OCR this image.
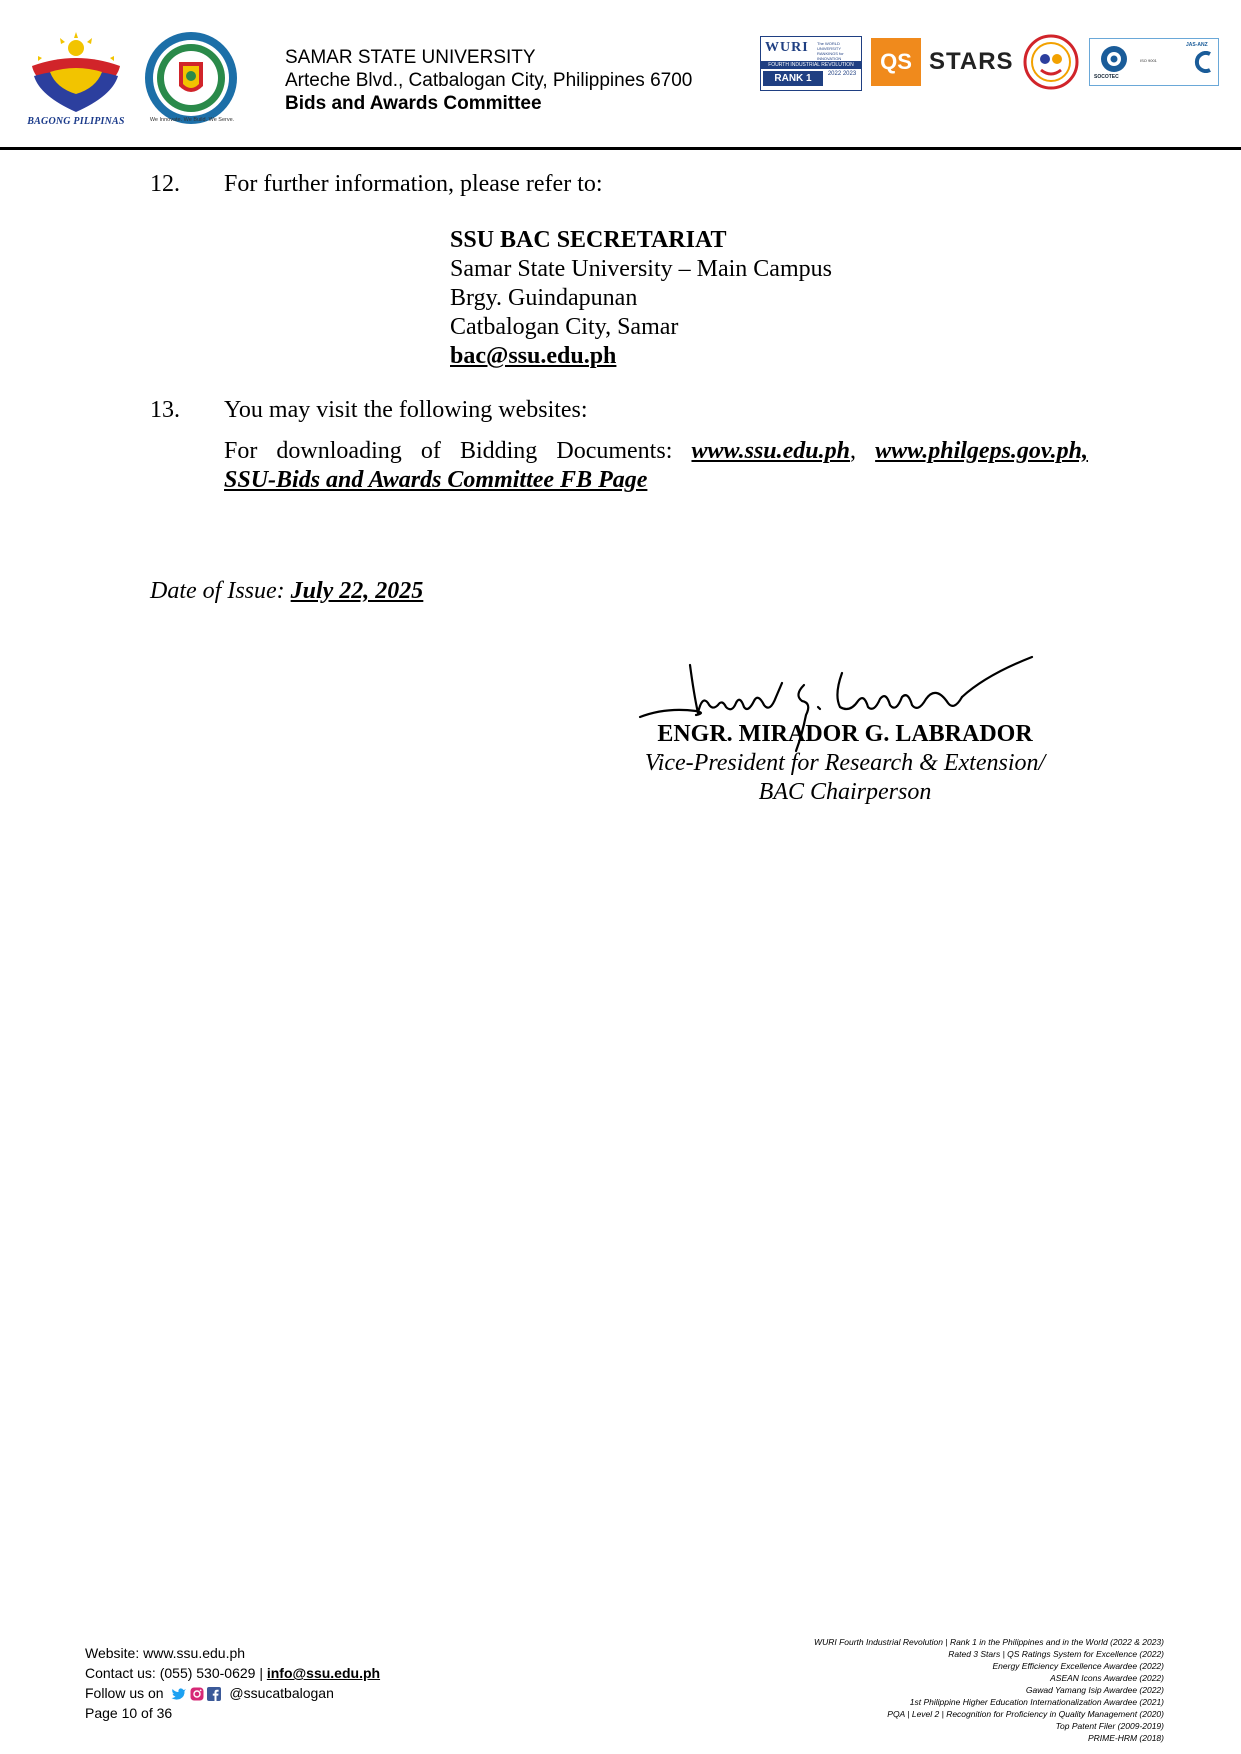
BAGONG PILIPINAS	We Innovate. We Build. We Serve.
SAMAR STATE UNIVERSITY
Arteche Blvd., Catbalogan City, Philippines 6700
Bids and Awards Committee
WURI The WORLD UNIVERSITY RANKINGS for INNOVATION
FOURTH INDUSTRIAL REVOLUTION
RANK 1	2022 2023	QS STARS
SOCOTEC
ISO 9001
JAS-ANZ
12. For further information, please refer to:
SSU BAC SECRETARIAT
Samar State University – Main Campus
Brgy. Guindapunan
Catbalogan City, Samar
bac@ssu.edu.ph
13. You may visit the following websites:
For downloading of Bidding Documents: www.ssu.edu.ph, www.philgeps.gov.ph,
SSU-Bids and Awards Committee FB Page
Date of Issue: July 22, 2025
ENGR. MIRADOR G. LABRADOR
Vice-President for Research & Extension/
BAC Chairperson
Website: www.ssu.edu.ph
Contact us: (055) 530-0629 | info@ssu.edu.ph
Follow us on	@ssucatbalogan
Page 10 of 36
WURI Fourth Industrial Revolution | Rank 1 in the Philippines and in the World (2022 & 2023)
Rated 3 Stars | QS Ratings System for Excellence (2022)
Energy Efficiency Excellence Awardee (2022)
ASEAN Icons Awardee (2022)
Gawad Yamang Isip Awardee (2022)
1st Philippine Higher Education Internationalization Awardee (2021)
PQA | Level 2 | Recognition for Proficiency in Quality Management (2020)
Top Patent Filer (2009-2019)
PRIME-HRM (2018)
